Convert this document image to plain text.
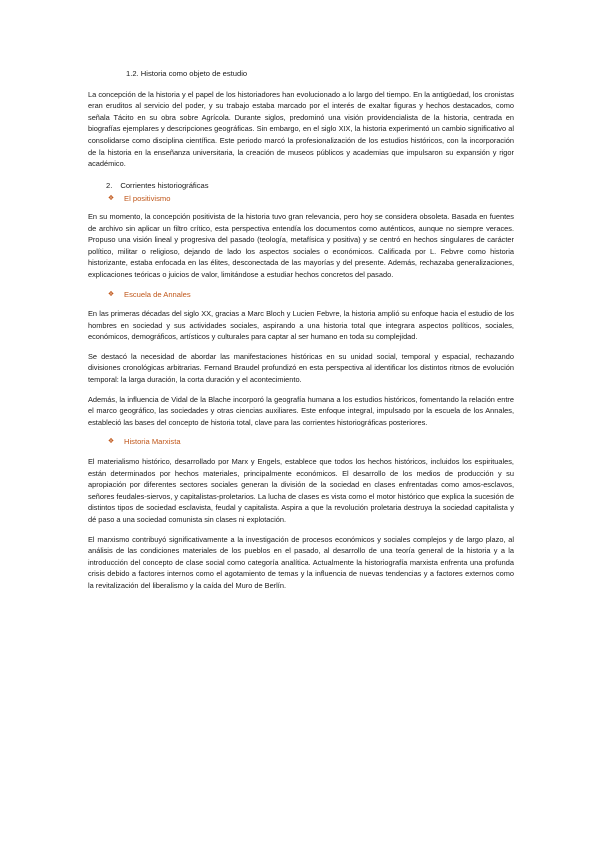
1.2. Historia como objeto de estudio

La concepción de la historia y el papel de los historiadores han evolucionado a lo largo del tiempo. En la antigüedad, los cronistas eran eruditos al servicio del poder, y su trabajo estaba marcado por el interés de exaltar figuras y hechos destacados, como señala Tácito en su obra sobre Agrícola. Durante siglos, predominó una visión providencialista de la historia, centrada en biografías ejemplares y descripciones geográficas. Sin embargo, en el siglo XIX, la historia experimentó un cambio significativo al consolidarse como disciplina científica. Este periodo marcó la profesionalización de los estudios históricos, con la incorporación de la historia en la enseñanza universitaria, la creación de museos públicos y academias que impulsaron su expansión y rigor académico.

2. Corrientes historiográficas
❖ El positivismo

En su momento, la concepción positivista de la historia tuvo gran relevancia, pero hoy se considera obsoleta. Basada en fuentes de archivo sin aplicar un filtro crítico, esta perspectiva entendía los documentos como auténticos, aunque no siempre veraces. Propuso una visión lineal y progresiva del pasado (teología, metafísica y positiva) y se centró en hechos singulares de carácter político, militar o religioso, dejando de lado los aspectos sociales o económicos. Calificada por L. Febvre como historia historizante, estaba enfocada en las élites, desconectada de las mayorías y del presente. Además, rechazaba generalizaciones, explicaciones teóricas o juicios de valor, limitándose a estudiar hechos concretos del pasado.

❖ Escuela de Annales

En las primeras décadas del siglo XX, gracias a Marc Bloch y Lucien Febvre, la historia amplió su enfoque hacia el estudio de los hombres en sociedad y sus actividades sociales, aspirando a una historia total que integrara aspectos políticos, sociales, económicos, demográficos, artísticos y culturales para captar al ser humano en toda su complejidad.

Se destacó la necesidad de abordar las manifestaciones históricas en su unidad social, temporal y espacial, rechazando divisiones cronológicas arbitrarias. Fernand Braudel profundizó en esta perspectiva al identificar los distintos ritmos de evolución temporal: la larga duración, la corta duración y el acontecimiento.

Además, la influencia de Vidal de la Blache incorporó la geografía humana a los estudios históricos, fomentando la relación entre el marco geográfico, las sociedades y otras ciencias auxiliares. Este enfoque integral, impulsado por la escuela de los Annales, estableció las bases del concepto de historia total, clave para las corrientes historiográficas posteriores.

❖ Historia Marxista

El materialismo histórico, desarrollado por Marx y Engels, establece que todos los hechos históricos, incluidos los espirituales, están determinados por hechos materiales, principalmente económicos. El desarrollo de los medios de producción y su apropiación por diferentes sectores sociales generan la división de la sociedad en clases enfrentadas como amos-esclavos, señores feudales-siervos, y capitalistas-proletarios. La lucha de clases es vista como el motor histórico que explica la sucesión de distintos tipos de sociedad esclavista, feudal y capitalista. Aspira a que la revolución proletaria destruya la sociedad capitalista y dé paso a una sociedad comunista sin clases ni explotación.

El marxismo contribuyó significativamente a la investigación de procesos económicos y sociales complejos y de largo plazo, al análisis de las condiciones materiales de los pueblos en el pasado, al desarrollo de una teoría general de la historia y a la introducción del concepto de clase social como categoría analítica. Actualmente la historiografía marxista enfrenta una profunda crisis debido a factores internos como el agotamiento de temas y la influencia de nuevas tendencias y a factores externos como la revitalización del liberalismo y la caída del Muro de Berlín.
